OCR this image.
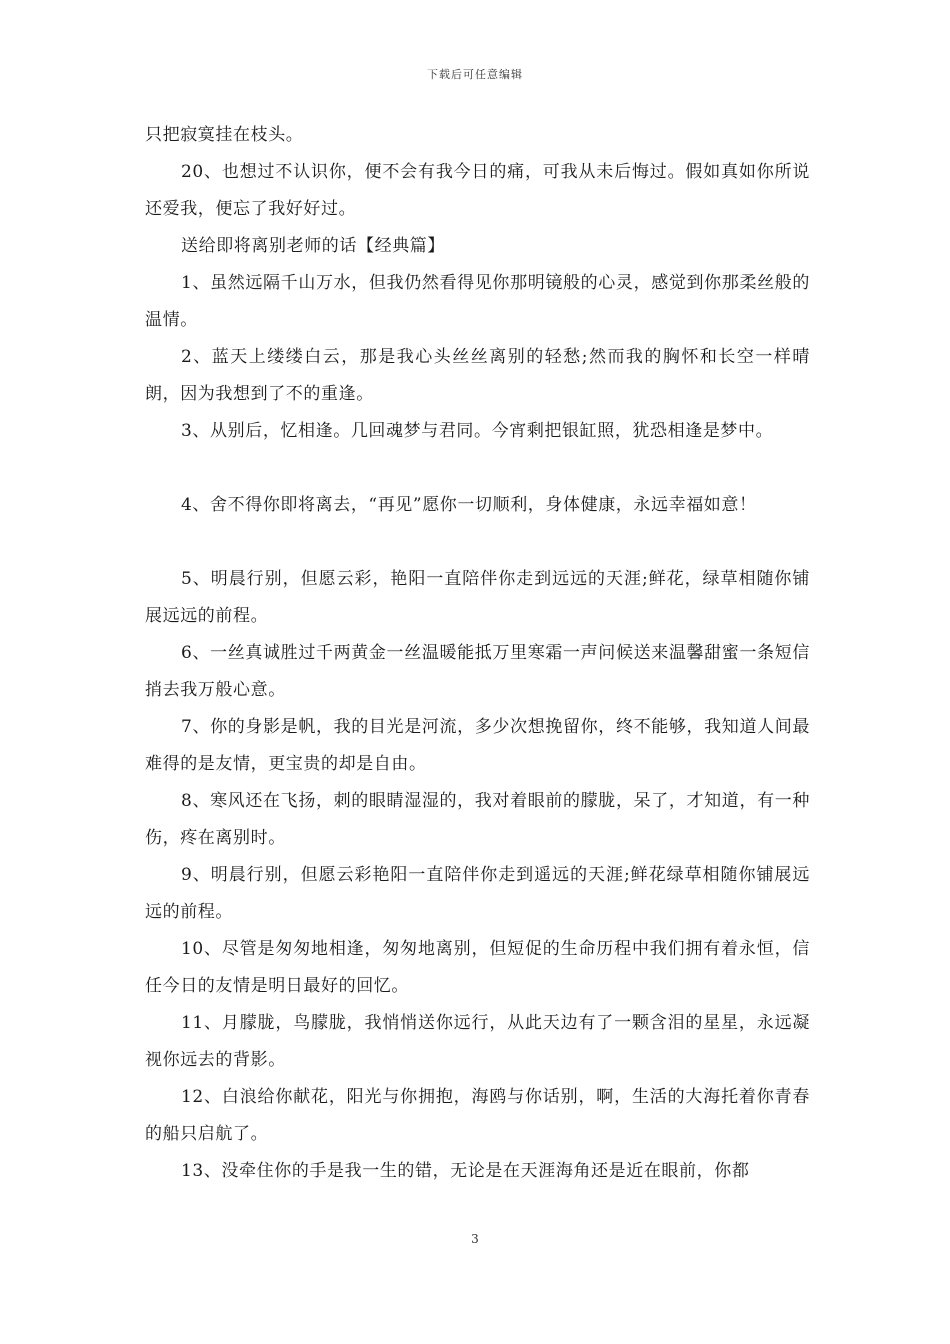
下载后可任意编辑

只把寂寞挂在枝头。

20、也想过不认识你，便不会有我今日的痛，可我从未后悔过。假如真如你所说还爱我，便忘了我好好过。

送给即将离别老师的话【经典篇】

1、虽然远隔千山万水，但我仍然看得见你那明镜般的心灵，感觉到你那柔丝般的温情。

2、蓝天上缕缕白云，那是我心头丝丝离别的轻愁;然而我的胸怀和长空一样晴朗，因为我想到了不的重逢。

3、从别后，忆相逢。几回魂梦与君同。今宵剩把银缸照，犹恐相逢是梦中。

4、舍不得你即将离去，“再见”愿你一切顺利，身体健康，永远幸福如意！

5、明晨行别，但愿云彩，艳阳一直陪伴你走到远远的天涯;鲜花，绿草相随你铺展远远的前程。

6、一丝真诚胜过千两黄金一丝温暖能抵万里寒霜一声问候送来温馨甜蜜一条短信捎去我万般心意。

7、你的身影是帆，我的目光是河流，多少次想挽留你，终不能够，我知道人间最难得的是友情，更宝贵的却是自由。

8、寒风还在飞扬，刺的眼睛湿湿的，我对着眼前的朦胧，呆了，才知道，有一种伤，疼在离别时。

9、明晨行别，但愿云彩艳阳一直陪伴你走到遥远的天涯;鲜花绿草相随你铺展远远的前程。

10、尽管是匆匆地相逢，匆匆地离别，但短促的生命历程中我们拥有着永恒，信任今日的友情是明日最好的回忆。

11、月朦胧，鸟朦胧，我悄悄送你远行，从此天边有了一颗含泪的星星，永远凝视你远去的背影。

12、白浪给你献花，阳光与你拥抱，海鸥与你话别，啊，生活的大海托着你青春的船只启航了。

13、没牵住你的手是我一生的错，无论是在天涯海角还是近在眼前，你都

3
